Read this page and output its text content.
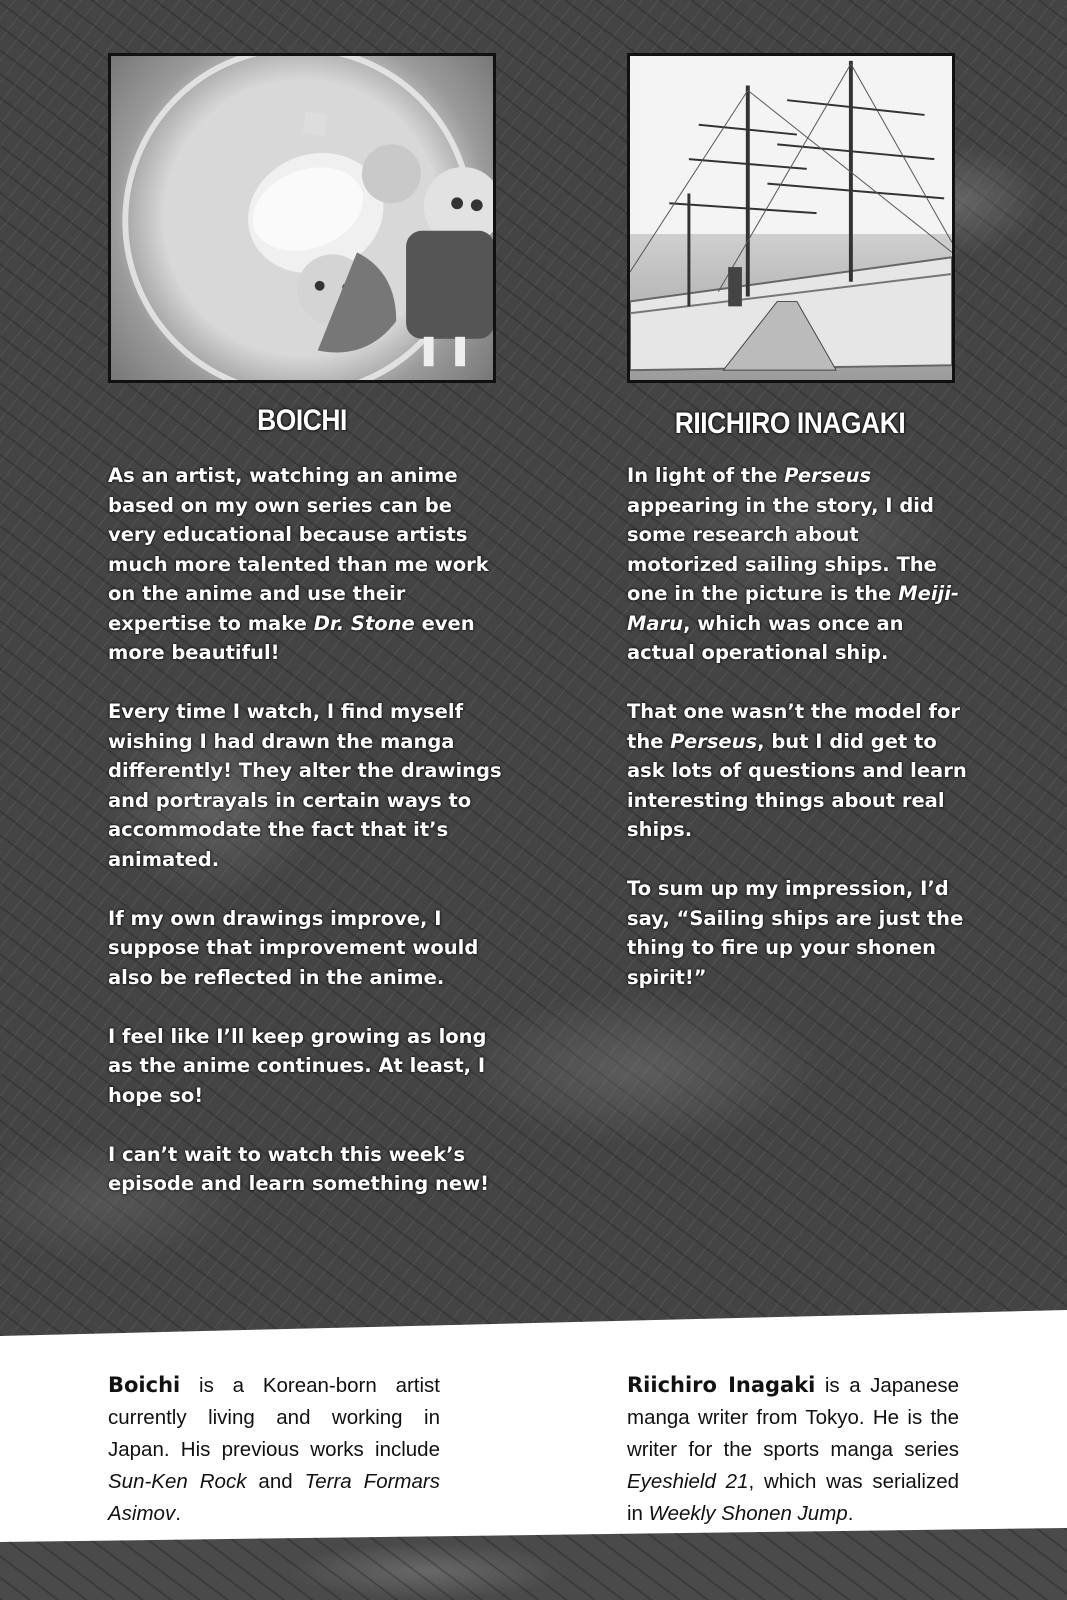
BOICHI	RIICHIRO INAGAKI

As an artist, watching an anime based on my own series can be very educational because artists much more talented than me work on the anime and use their expertise to make Dr. Stone even more beautiful!

Every time I watch, I find myself wishing I had drawn the manga differently! They alter the drawings and portrayals in certain ways to accommodate the fact that it’s animated.

If my own drawings improve, I suppose that improvement would also be reflected in the anime.

I feel like I’ll keep growing as long as the anime continues. At least, I hope so!

I can’t wait to watch this week’s episode and learn something new!

In light of the Perseus appearing in the story, I did some research about motorized sailing ships. The one in the picture is the Meiji-Maru, which was once an actual operational ship.

That one wasn’t the model for the Perseus, but I did get to ask lots of questions and learn interesting things about real ships.

To sum up my impression, I’d say, “Sailing ships are just the thing to fire up your shonen spirit!”

Boichi is a Korean-born artist currently living and working in Japan. His previous works include Sun-Ken Rock and Terra Formars Asimov.
Riichiro Inagaki is a Japanese manga writer from Tokyo. He is the writer for the sports manga series Eyeshield 21, which was serialized in Weekly Shonen Jump.
